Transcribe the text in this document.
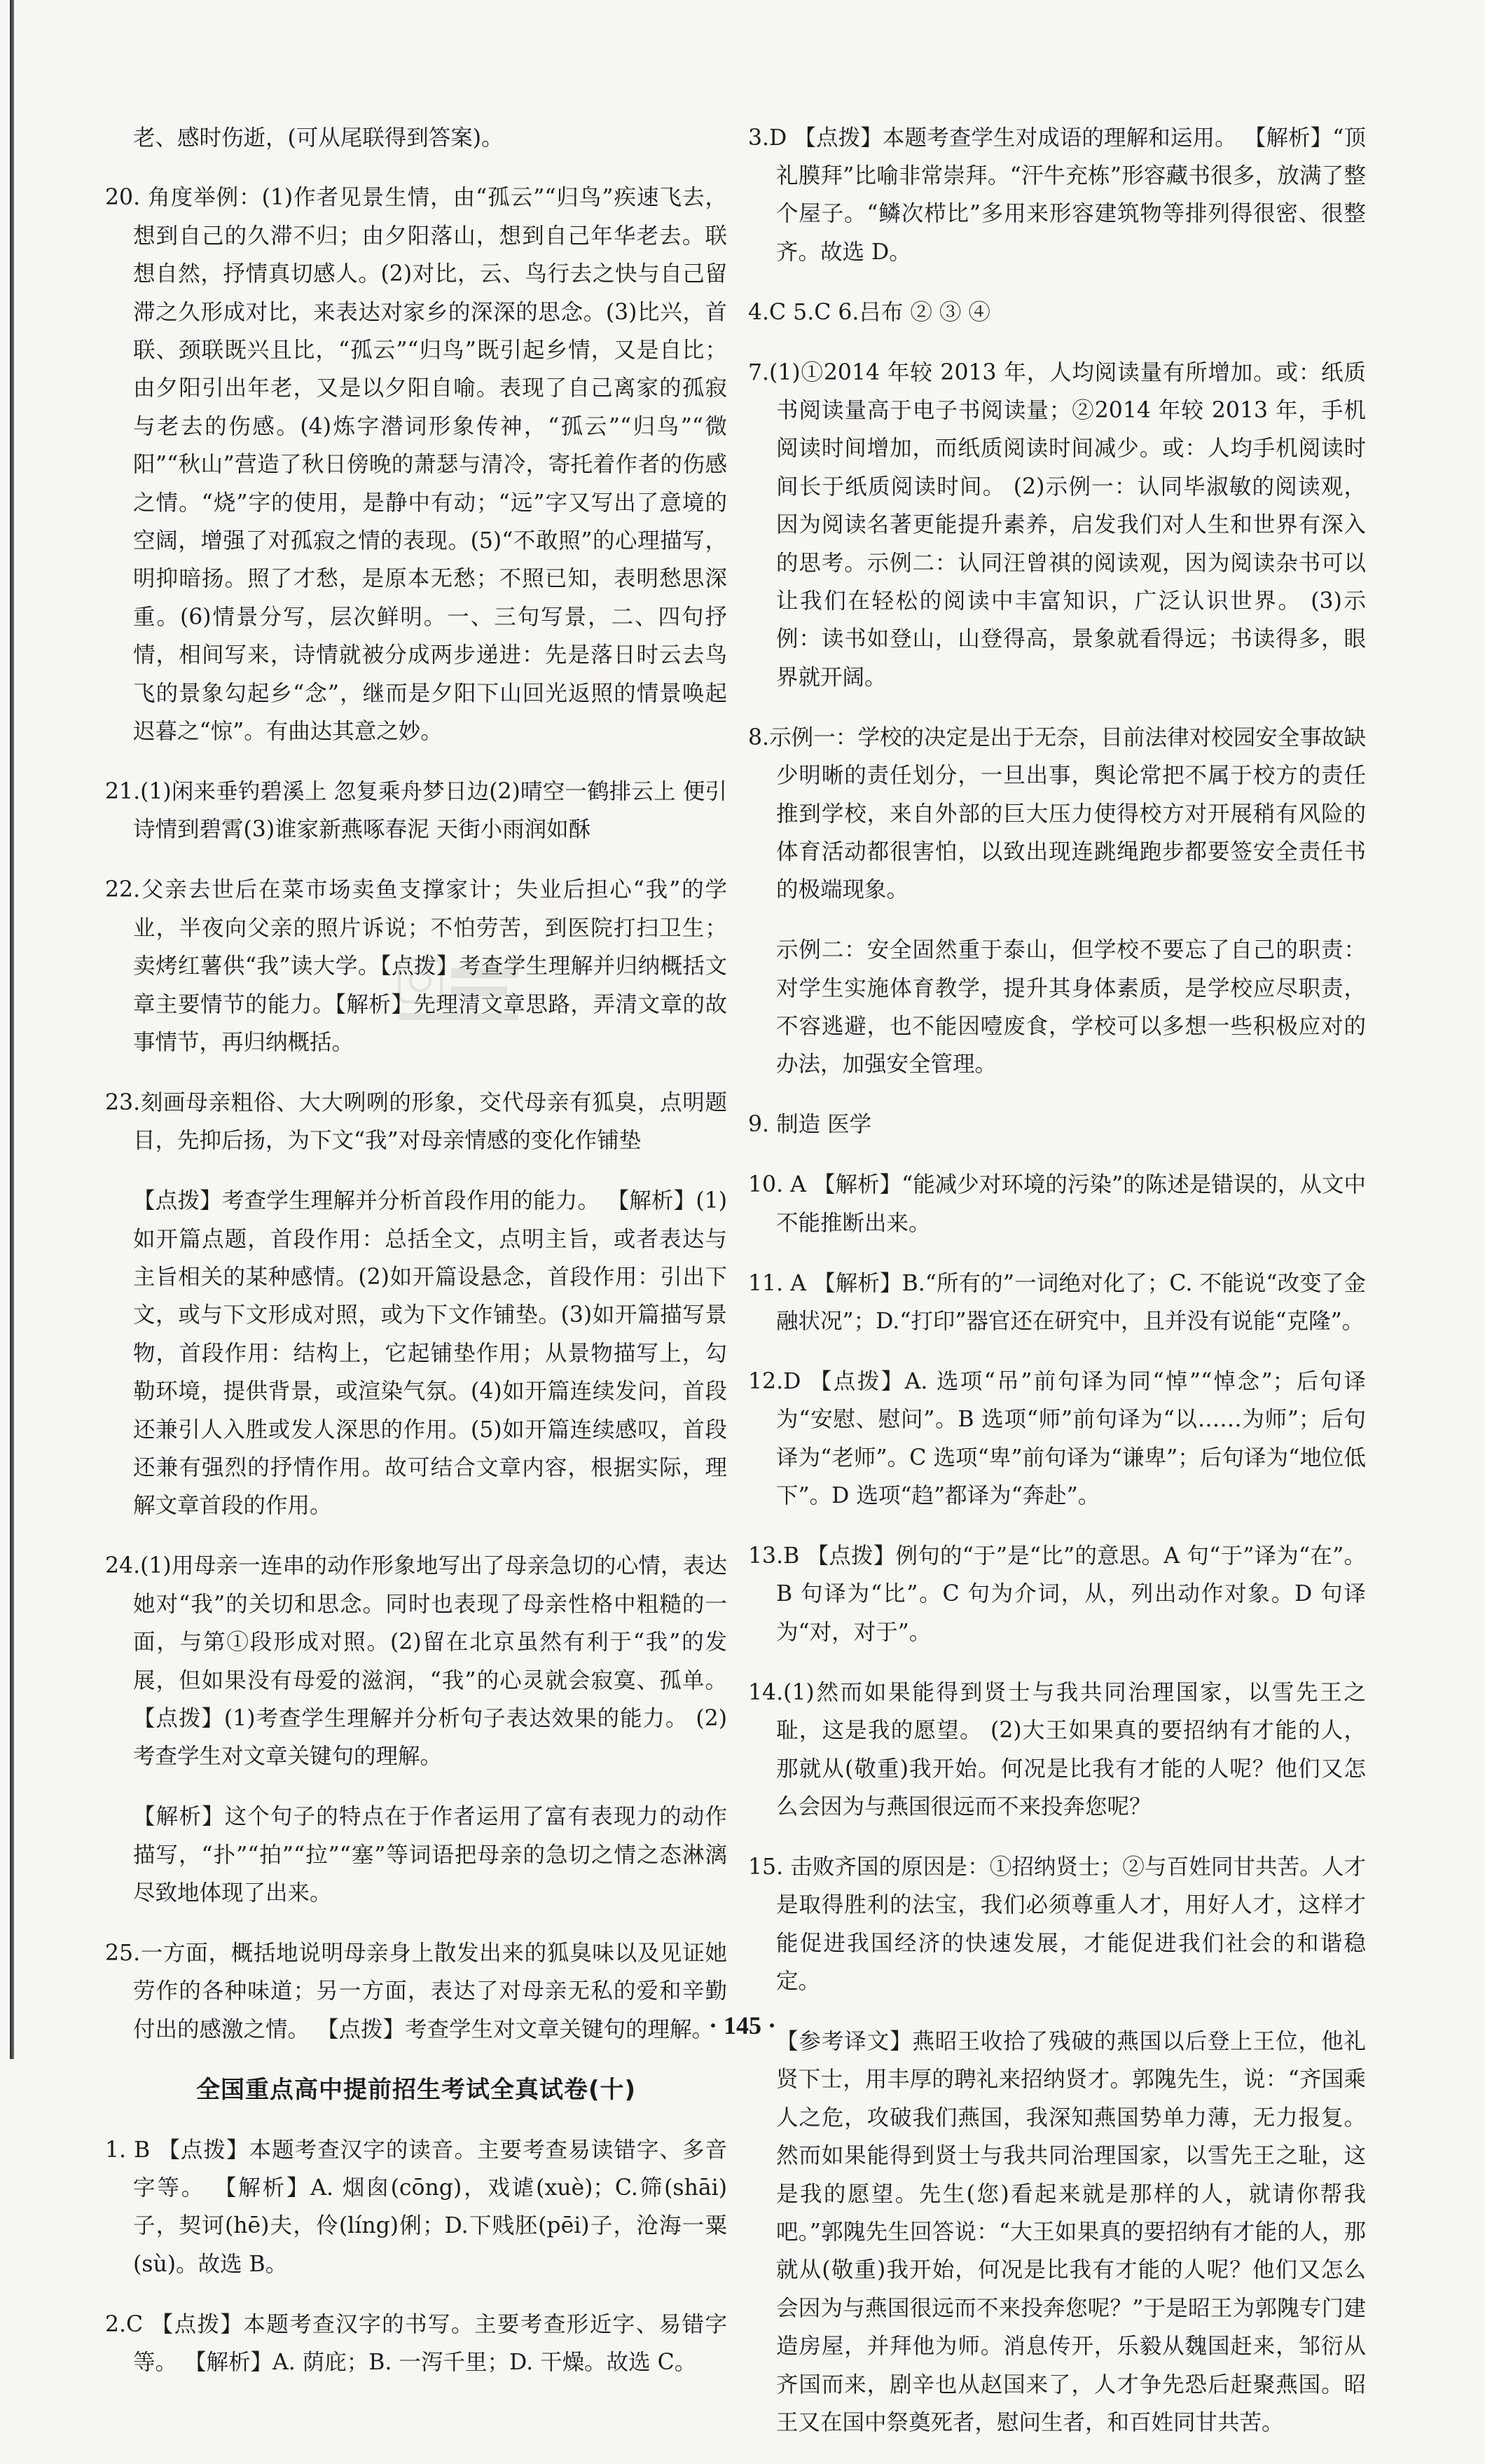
老、感时伤逝，(可从尾联得到答案)。

20. 角度举例：(1)作者见景生情，由“孤云”“归鸟”疾速飞去，想到自己的久滞不归；由夕阳落山，想到自己年华老去。联想自然，抒情真切感人。(2)对比，云、鸟行去之快与自己留滞之久形成对比，来表达对家乡的深深的思念。(3)比兴，首联、颈联既兴且比，“孤云”“归鸟”既引起乡情，又是自比；由夕阳引出年老，又是以夕阳自喻。表现了自己离家的孤寂与老去的伤感。(4)炼字潜词形象传神，“孤云”“归鸟”“微阳”“秋山”营造了秋日傍晚的萧瑟与清冷，寄托着作者的伤感之情。“烧”字的使用，是静中有动；“远”字又写出了意境的空阔，增强了对孤寂之情的表现。(5)“不敢照”的心理描写，明抑暗扬。照了才愁，是原本无愁；不照已知，表明愁思深重。(6)情景分写，层次鲜明。一、三句写景，二、四句抒情，相间写来，诗情就被分成两步递进：先是落日时云去鸟飞的景象勾起乡“念”，继而是夕阳下山回光返照的情景唤起迟暮之“惊”。有曲达其意之妙。

21.(1)闲来垂钓碧溪上 忽复乘舟梦日边(2)晴空一鹤排云上 便引诗情到碧霄(3)谁家新燕啄春泥 天街小雨润如酥

22.父亲去世后在菜市场卖鱼支撑家计；失业后担心“我”的学业，半夜向父亲的照片诉说；不怕劳苦，到医院打扫卫生；卖烤红薯供“我”读大学。【点拨】考查学生理解并归纳概括文章主要情节的能力。【解析】先理清文章思路，弄清文章的故事情节，再归纳概括。

23.刻画母亲粗俗、大大咧咧的形象，交代母亲有狐臭，点明题目，先抑后扬，为下文“我”对母亲情感的变化作铺垫

【点拨】考查学生理解并分析首段作用的能力。 【解析】(1)如开篇点题，首段作用：总括全文，点明主旨，或者表达与主旨相关的某种感情。(2)如开篇设悬念，首段作用：引出下文，或与下文形成对照，或为下文作铺垫。(3)如开篇描写景物，首段作用：结构上，它起铺垫作用；从景物描写上，勾勒环境，提供背景，或渲染气氛。(4)如开篇连续发问，首段还兼引人入胜或发人深思的作用。(5)如开篇连续感叹，首段还兼有强烈的抒情作用。故可结合文章内容，根据实际，理解文章首段的作用。

24.(1)用母亲一连串的动作形象地写出了母亲急切的心情，表达她对“我”的关切和思念。同时也表现了母亲性格中粗糙的一面，与第①段形成对照。(2)留在北京虽然有利于“我”的发展，但如果没有母爱的滋润，“我”的心灵就会寂寞、孤单。 【点拨】(1)考查学生理解并分析句子表达效果的能力。 (2)考查学生对文章关键句的理解。

【解析】这个句子的特点在于作者运用了富有表现力的动作描写，“扑”“拍”“拉”“塞”等词语把母亲的急切之情之态淋漓尽致地体现了出来。

25.一方面，概括地说明母亲身上散发出来的狐臭味以及见证她劳作的各种味道；另一方面，表达了对母亲无私的爱和辛勤付出的感激之情。 【点拨】考查学生对文章关键句的理解。

全国重点高中提前招生考试全真试卷(十)

1. B 【点拨】本题考查汉字的读音。主要考查易读错字、多音字等。 【解析】A. 烟囱(cōng)，戏谑(xuè)；C.筛(shāi)子，契诃(hē)夫，伶(líng)俐；D.下贱胚(pēi)子，沧海一粟(sù)。故选 B。

2.C 【点拨】本题考查汉字的书写。主要考查形近字、易错字等。 【解析】A. 荫庇；B. 一泻千里；D. 干燥。故选 C。

3.D 【点拨】本题考查学生对成语的理解和运用。 【解析】“顶礼膜拜”比喻非常崇拜。“汗牛充栋”形容藏书很多，放满了整个屋子。“鳞次栉比”多用来形容建筑物等排列得很密、很整齐。故选 D。

4.C 5.C 6.吕布 ② ③ ④

7.(1)①2014 年较 2013 年，人均阅读量有所增加。或：纸质书阅读量高于电子书阅读量；②2014 年较 2013 年，手机阅读时间增加，而纸质阅读时间减少。或：人均手机阅读时间长于纸质阅读时间。 (2)示例一：认同毕淑敏的阅读观，因为阅读名著更能提升素养，启发我们对人生和世界有深入的思考。示例二：认同汪曾祺的阅读观，因为阅读杂书可以让我们在轻松的阅读中丰富知识，广泛认识世界。 (3)示例：读书如登山，山登得高，景象就看得远；书读得多，眼界就开阔。

8.示例一：学校的决定是出于无奈，目前法律对校园安全事故缺少明晰的责任划分，一旦出事，舆论常把不属于校方的责任推到学校，来自外部的巨大压力使得校方对开展稍有风险的体育活动都很害怕，以致出现连跳绳跑步都要签安全责任书的极端现象。

示例二：安全固然重于泰山，但学校不要忘了自己的职责：对学生实施体育教学，提升其身体素质，是学校应尽职责，不容逃避，也不能因噎废食，学校可以多想一些积极应对的办法，加强安全管理。

9. 制造 医学

10. A 【解析】“能减少对环境的污染”的陈述是错误的，从文中不能推断出来。

11. A 【解析】B.“所有的”一词绝对化了；C. 不能说“改变了金融状况”；D.“打印”器官还在研究中，且并没有说能“克隆”。

12.D 【点拨】A. 选项“吊”前句译为同“悼”“悼念”；后句译为“安慰、慰问”。B 选项“师”前句译为“以……为师”；后句译为“老师”。C 选项“卑”前句译为“谦卑”；后句译为“地位低下”。D 选项“趋”都译为“奔赴”。

13.B 【点拨】例句的“于”是“比”的意思。A 句“于”译为“在”。B 句译为“比”。C 句为介词，从，列出动作对象。D 句译为“对，对于”。

14.(1)然而如果能得到贤士与我共同治理国家，以雪先王之耻，这是我的愿望。 (2)大王如果真的要招纳有才能的人，那就从(敬重)我开始。何况是比我有才能的人呢？他们又怎么会因为与燕国很远而不来投奔您呢？

15. 击败齐国的原因是：①招纳贤士；②与百姓同甘共苦。人才是取得胜利的法宝，我们必须尊重人才，用好人才，这样才能促进我国经济的快速发展，才能促进我们社会的和谐稳定。

【参考译文】燕昭王收拾了残破的燕国以后登上王位，他礼贤下士，用丰厚的聘礼来招纳贤才。郭隗先生，说：“齐国乘人之危，攻破我们燕国，我深知燕国势单力薄，无力报复。然而如果能得到贤士与我共同治理国家，以雪先王之耻，这是我的愿望。先生(您)看起来就是那样的人，就请你帮我吧。”郭隗先生回答说：“大王如果真的要招纳有才能的人，那就从(敬重)我开始，何况是比我有才能的人呢？他们又怎么会因为与燕国很远而不来投奔您呢？”于是昭王为郭隗专门建造房屋，并拜他为师。消息传开，乐毅从魏国赶来，邹衍从齐国而来，剧辛也从赵国来了，人才争先恐后赶聚燕国。昭王又在国中祭奠死者，慰问生者，和百姓同甘共苦。

· 145 ·
